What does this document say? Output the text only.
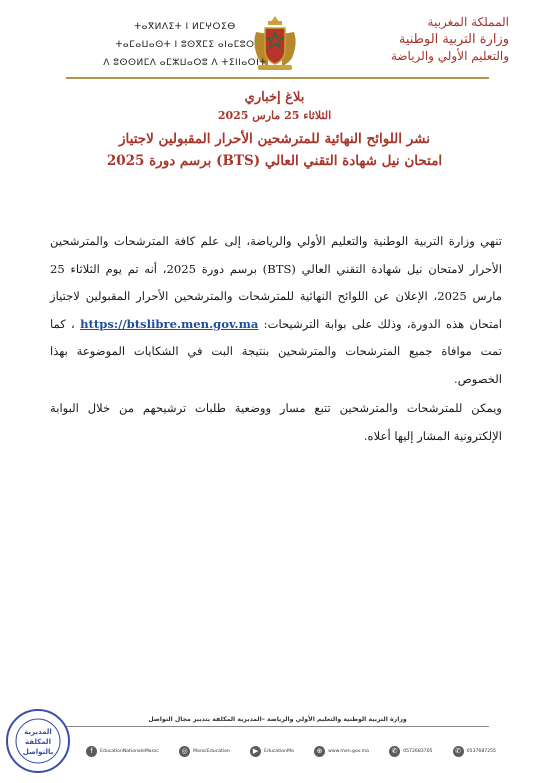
المملكة المغربية
وزارة التربية الوطنية
والتعليم الأولي والرياضة
ⵜⴰⴳⵍⴷⵉⵜ ⵏ ⵍⵎⵖⵔⵉⴱ
ⵜⴰⵎⴰⵡⴰⵙⵜ ⵏ ⵓⵙⴳⵎⵉ ⴰⵏⴰⵎⵓⵔ
ⴷ ⵓⵙⵙⵍⵎⴷ ⴰⵎⵣⵡⴰⵔⵓ ⴷ ⵜⵉⵏⵏⴰⵔⵏⵜ
بلاغ إخباري
الثلاثاء 25 مارس 2025
نشر اللوائح النهائية للمترشحين الأحرار المقبولين لاجتياز
امتحان نيل شهادة التقني العالي (BTS) برسم دورة 2025

تنهي وزارة التربية الوطنية والتعليم الأولي والرياضة، إلى علم كافة المترشحات والمترشحين الأحرار لامتحان نيل شهادة التقني العالي (BTS) برسم دورة 2025، أنه تم يوم الثلاثاء 25 مارس 2025، الإعلان عن اللوائح النهائية للمترشحات والمترشحين الأحرار المقبولين لاجتياز امتحان هذه الدورة، وذلك على بوابة الترشيحات: https://btslibre.men.gov.ma ، كما تمت موافاة جميع المترشحات والمترشحين بنتيجة البت في الشكايات الموضوعة بهذا الخصوص.

ويمكن للمترشحات والمترشحين تتبع مسار ووضعية طلبات ترشيحهم من خلال البوابة الإلكترونية المشار إليها أعلاه.

وزارة التربية الوطنية والتعليم الأولي والرياضة –المديرية المكلفة بتدبير مجال التواصل
f	EducationNationaleMaroc	◎	MarocEducation	▶	EducationMa	⊕	www.men.gov.ma	✆	0572683705	✆	0537687255
المديرية
المكلفة
بالتواصل
